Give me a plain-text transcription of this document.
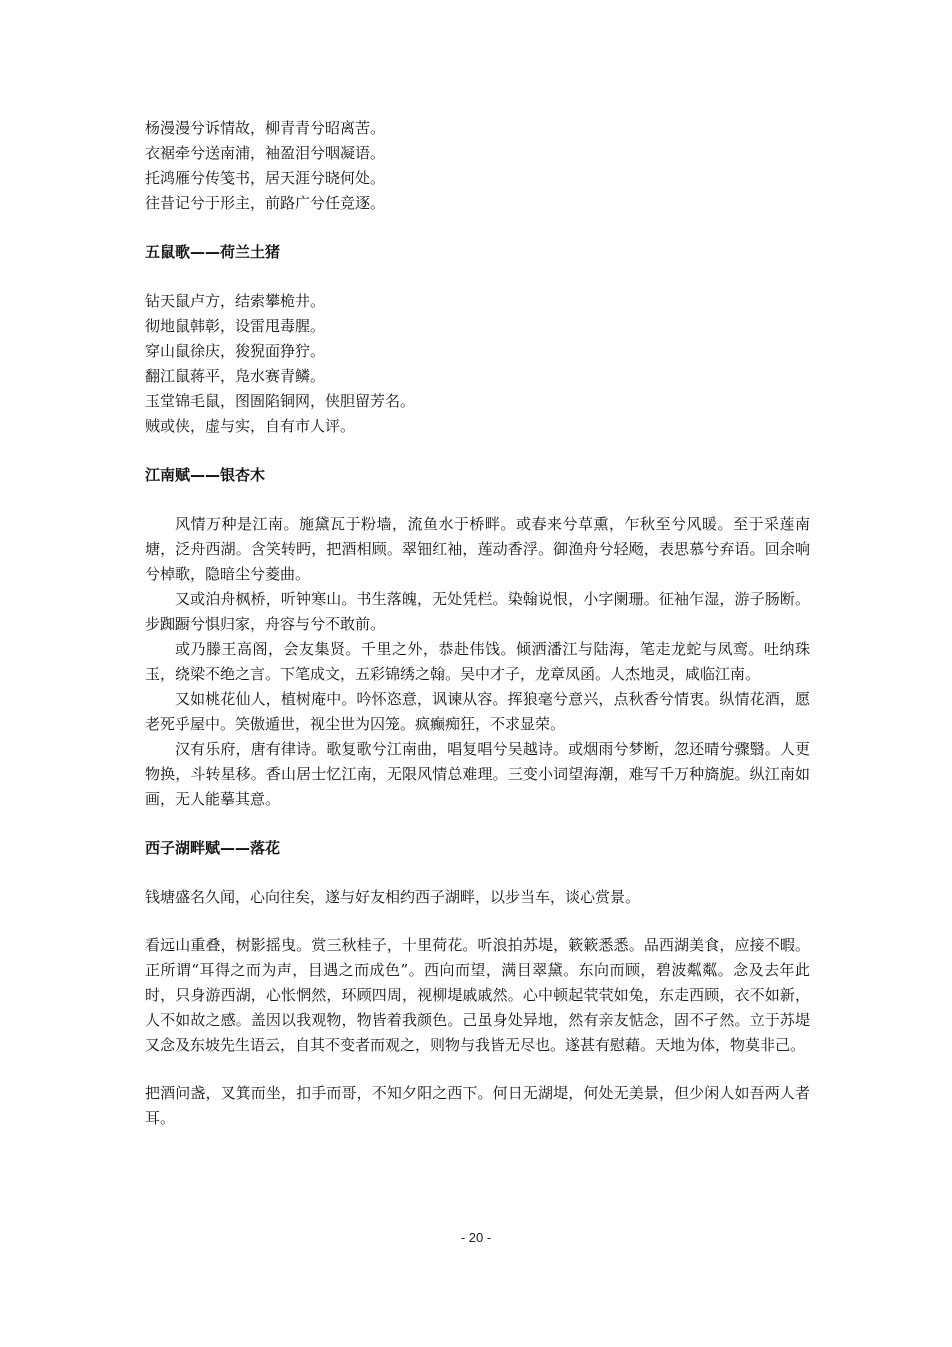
杨漫漫兮诉情故，柳青青兮昭离苦。
衣裾牵兮送南浦，袖盈泪兮咽凝语。
托鸿雁兮传笺书，居天涯兮晓何处。
往昔记兮于形主，前路广兮任竞逐。
五鼠歌——荷兰土猪
钻天鼠卢方，结索攀桅井。
彻地鼠韩彰，设雷甩毒腥。
穿山鼠徐庆，狻猊面狰狞。
翻江鼠蒋平，凫水赛青鳞。
玉堂锦毛鼠，图圄陷铜网，侠胆留芳名。
贼或侠，虚与实，自有市人评。
江南赋——银杏木

风情万种是江南。施黛瓦于粉墙，流鱼水于桥畔。或春来兮草熏，乍秋至兮风暖。至于采莲南塘，泛舟西湖。含笑转眄，把酒相顾。翠钿红袖，莲动香浮。御渔舟兮轻飏，表思慕兮弃语。回余响兮棹歌，隐暗尘兮菱曲。

又或泊舟枫桥，听钟寒山。书生落魄，无处凭栏。染翰说恨，小字阑珊。征袖乍湿，游子肠断。步踟蹰兮惧归家，舟容与兮不敢前。

或乃滕王高阁，会友集贤。千里之外，恭赴伟饯。倾洒潘江与陆海，笔走龙蛇与凤鸾。吐纳珠玉，绕梁不绝之言。下笔成文，五彩锦绣之翰。吴中才子，龙章凤函。人杰地灵，咸临江南。

又如桃花仙人，植树庵中。吟怀恣意，讽谏从容。挥狼毫兮意兴，点秋香兮情衷。纵情花酒，愿老死乎屋中。笑傲遁世，视尘世为囚笼。疯癫痴狂，不求显荣。

汉有乐府，唐有律诗。歌复歌兮江南曲，唱复唱兮吴越诗。或烟雨兮梦断，忽还晴兮骤翳。人更物换，斗转星移。香山居士忆江南，无限风情总难理。三变小词望海潮，难写千万种旖旎。纵江南如画，无人能摹其意。

西子湖畔赋——落花

钱塘盛名久闻，心向往矣，遂与好友相约西子湖畔，以步当车，谈心赏景。

看远山重叠，树影摇曳。赏三秋桂子，十里荷花。听浪拍苏堤，簌簌悉悉。品西湖美食，应接不暇。正所谓“耳得之而为声，目遇之而成色”。西向而望，满目翠黛。东向而顾，碧波粼粼。念及去年此时，只身游西湖，心怅惘然，环顾四周，视柳堤戚戚然。心中顿起茕茕如兔，东走西顾，衣不如新，人不如故之感。盖因以我观物，物皆着我颜色。己虽身处异地，然有亲友惦念，固不孑然。立于苏堤又念及东坡先生语云，自其不变者而观之，则物与我皆无尽也。遂甚有慰藉。天地为体，物莫非己。

把酒问盏，叉箕而坐，扣手而哥，不知夕阳之西下。何日无湖堤，何处无美景，但少闲人如吾两人者耳。

- 20 -
